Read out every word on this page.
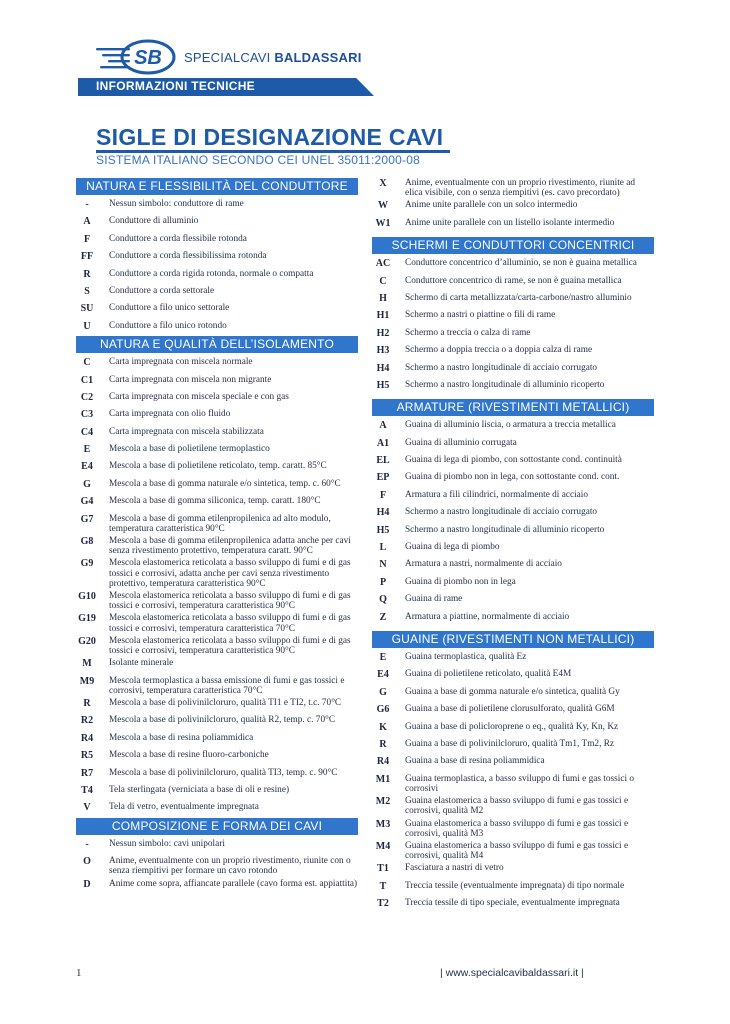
SB SPECIALCAVI BALDASSARI
INFORMAZIONI TECNICHE
SIGLE DI DESIGNAZIONE CAVI
SISTEMA ITALIANO SECONDO CEI UNEL 35011:2000-08
NATURA E FLESSIBILITÀ DEL CONDUTTORE
-	Nessun simbolo: conduttore di rame
A	Conduttore di alluminio
F	Conduttore a corda flessibile rotonda
FF	Conduttore a corda flessibilissima rotonda
R	Conduttore a corda rigida rotonda, normale o compatta
S	Conduttore a corda settorale
SU	Conduttore a filo unico settorale
U	Conduttore a filo unico rotondo
NATURA E QUALITÀ DELL’ISOLAMENTO
C	Carta impregnata con miscela normale
C1	Carta impregnata con miscela non migrante
C2	Carta impregnata con miscela speciale e con gas
C3	Carta impregnata con olio fluido
C4	Carta impregnata con miscela stabilizzata
E	Mescola a base di polietilene termoplastico
E4	Mescola a base di polietilene reticolato, temp. caratt. 85°C
G	Mescola a base di gomma naturale e/o sintetica, temp. c. 60°C
G4	Mescola a base di gomma siliconica, temp. caratt. 180°C
G7	Mescola a base di gomma etilenpropilenica ad alto modulo, temperatura caratteristica 90°C
G8	Mescola a base di gomma etilenpropilenica adatta anche per cavi senza rivestimento protettivo, temperatura caratt. 90°C
G9	Mescola elastomerica reticolata a basso sviluppo di fumi e di gas tossici e corrosivi, adatta anche per cavi senza rivestimento protettivo, temperatura caratteristica 90°C
G10 Mescola elastomerica reticolata a basso sviluppo di fumi e di gas tossici e corrosivi, temperatura caratteristica 90°C
G19 Mescola elastomerica reticolata a basso sviluppo di fumi e di gas tossici e corrosivi, temperatura caratteristica 70°C
G20 Mescola elastomerica reticolata a basso sviluppo di fumi e di gas tossici e corrosivi, temperatura caratteristica 90°C
M	Isolante minerale
M9	Mescola termoplastica a bassa emissione di fumi e gas tossici e corrosivi, temperatura caratteristica 70°C
R	Mescola a base di polivinilcloruro, qualità TI1 e TI2, t.c. 70°C
R2	Mescola a base di polivinilcloruro, qualità R2, temp. c. 70°C
R4	Mescola a base di resina poliammidica
R5	Mescola a base di resine fluoro-carboniche
R7	Mescola a base di polivinilcloruro, qualità TI3, temp. c. 90°C
T4	Tela sterlingata (verniciata a base di oli e resine)
V	Tela di vetro, eventualmente impregnata
COMPOSIZIONE E FORMA DEI CAVI
-	Nessun simbolo: cavi unipolari
O	Anime, eventualmente con un proprio rivestimento, riunite con o senza riempitivi per formare un cavo rotondo
D	Anime come sopra, affiancate parallele (cavo forma est. appiattita)
X	Anime, eventualmente con un proprio rivestimento, riunite ad elica visibile, con o senza riempitivi (es. cavo precordato)
W	Anime unite parallele con un solco intermedio
W1	Anime unite parallele con un listello isolante intermedio
SCHERMI E CONDUTTORI CONCENTRICI
AC	Conduttore concentrico d’alluminio, se non è guaina metallica
C	Conduttore concentrico di rame, se non è guaina metallica
H	Schermo di carta metallizzata/carta-carbone/nastro alluminio
H1	Schermo a nastri o piattine o fili di rame
H2	Schermo a treccia o calza di rame
H3	Schermo a doppia treccia o a doppia calza di rame
H4	Schermo a nastro longitudinale di acciaio corrugato
H5	Schermo a nastro longitudinale di alluminio ricoperto
ARMATURE (RIVESTIMENTI METALLICI)
A	Guaina di alluminio liscia, o armatura a treccia metallica
A1	Guaina di alluminio corrugata
EL	Guaina di lega di piombo, con sottostante cond. continuità
EP	Guaina di piombo non in lega, con sottostante cond. cont.
F	Armatura a fili cilindrici, normalmente di acciaio
H4	Schermo a nastro longitudinale di acciaio corrugato
H5	Schermo a nastro longitudinale di alluminio ricoperto
L	Guaina di lega di piombo
N	Armatura a nastri, normalmente di acciaio
P	Guaina di piombo non in lega
Q	Guaina di rame
Z	Armatura a piattine, normalmente di acciaio
GUAINE (RIVESTIMENTI NON METALLICI)
E	Guaina termoplastica, qualità Ez
E4	Guaina di polietilene reticolato, qualità E4M
G	Guaina a base di gomma naturale e/o sintetica, qualità Gy
G6	Guaina a base di polietilene clorusulforato, qualità G6M
K	Guaina a base di policloroprene o eq., qualità Ky, Kn, Kz
R	Guaina a base di polivinilcloruro, qualità Tm1, Tm2, Rz
R4	Guaina a base di resina poliammidica
M1	Guaina termoplastica, a basso sviluppo di fumi e gas tossici o corrosivi
M2	Guaina elastomerica a basso sviluppo di fumi e gas tossici e corrosivi, qualità M2
M3	Guaina elastomerica a basso sviluppo di fumi e gas tossici e corrosivi, qualità M3
M4	Guaina elastomerica a basso sviluppo di fumi e gas tossici e corrosivi, qualità M4
T1	Fasciatura a nastri di vetro
T	Treccia tessile (eventualmente impregnata) di tipo normale
T2	Treccia tessile di tipo speciale, eventualmente impregnata
1	| www.specialcavibaldassari.it |
